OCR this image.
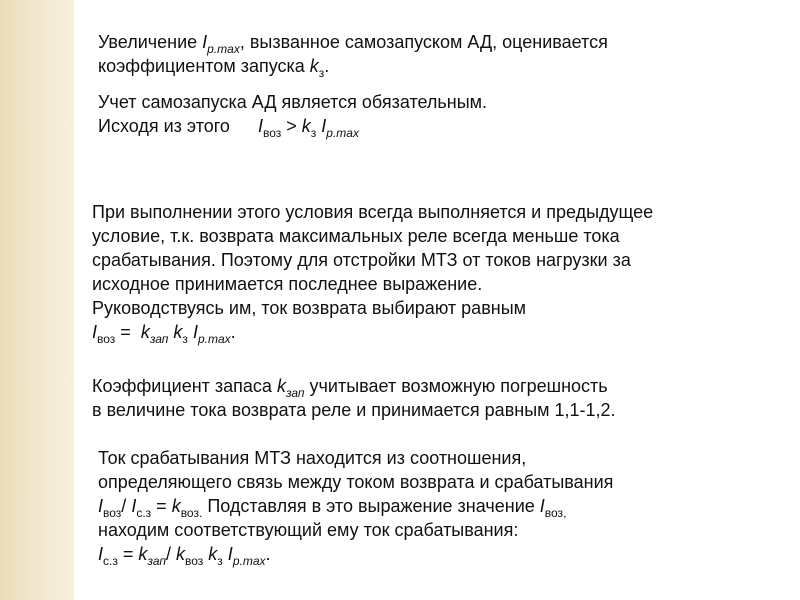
Увеличение $I_{р.max}$, вызванное самозапуском АД, оценивается
коэффициентом запуска $k_з$.
Учет самозапуска АД является обязательным.
Исходя из этого $I_{воз} > k_з$ $I_{р.max}$
При выполнении этого условия всегда выполняется и предыдущее
условие, т.к. возврата максимальных реле всегда меньше тока
срабатывания. Поэтому для отстройки МТЗ от токов нагрузки за
исходное принимается последнее выражение.
Руководствуясь им, ток возврата выбирают равным
$I_{воз} = k_{зап}$ $k_з$ $I_{р.max}$.
Коэффициент запаса $k_{зап}$ учитывает возможную погрешность
в величине тока возврата реле и принимается равным 1,1-1,2.
Ток срабатывания МТЗ находится из соотношения,
определяющего связь между током возврата и срабатывания
$I_{воз}/$ $I_{с.з} = k_{воз.}$ Подставляя в это выражение значение $I_{воз,}$
находим соответствующий ему ток срабатывания:
$I_{с.з} = k_{зап}/$ $k_{воз}$ $k_з$ $I_{р.max}$.
